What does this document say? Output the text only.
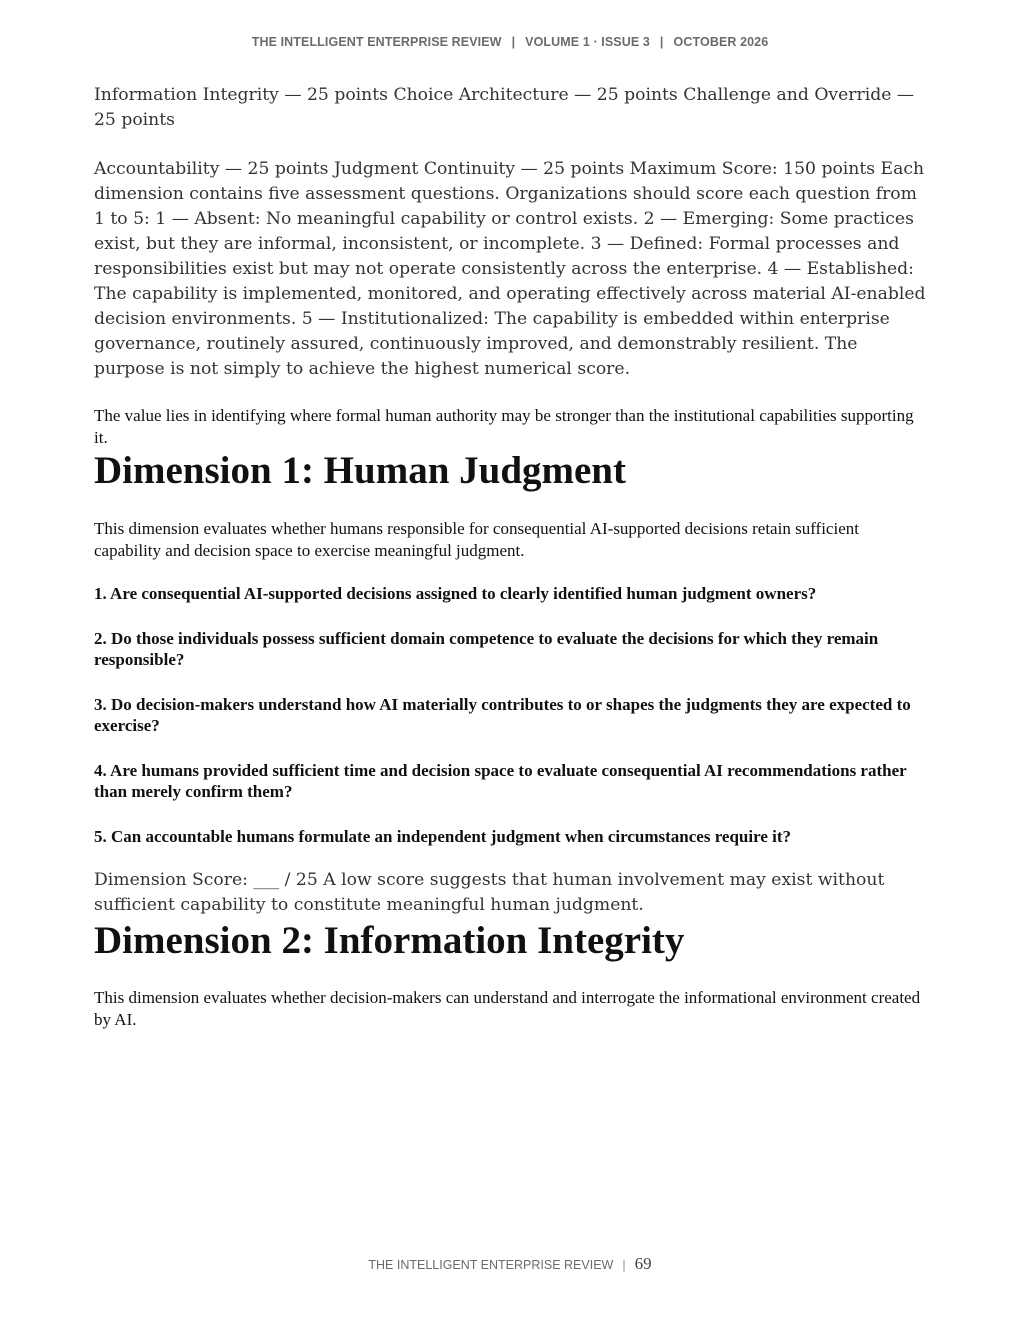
THE INTELLIGENT ENTERPRISE REVIEW | VOLUME 1 · ISSUE 3 | OCTOBER 2026

Information Integrity — 25 points Choice Architecture — 25 points Challenge and Override — 25 points

Accountability — 25 points Judgment Continuity — 25 points Maximum Score: 150 points Each dimension contains five assessment questions. Organizations should score each question from 1 to 5: 1 — Absent: No meaningful capability or control exists. 2 — Emerging: Some practices exist, but they are informal, inconsistent, or incomplete. 3 — Defined: Formal processes and responsibilities exist but may not operate consistently across the enterprise. 4 — Established: The capability is implemented, monitored, and operating effectively across material AI-enabled decision environments. 5 — Institutionalized: The capability is embedded within enterprise governance, routinely assured, continuously improved, and demonstrably resilient. The purpose is not simply to achieve the highest numerical score.

The value lies in identifying where formal human authority may be stronger than the institutional capabilities supporting it.

Dimension 1: Human Judgment

This dimension evaluates whether humans responsible for consequential AI-supported decisions retain sufficient capability and decision space to exercise meaningful judgment.

1. Are consequential AI-supported decisions assigned to clearly identified human judgment owners?

2. Do those individuals possess sufficient domain competence to evaluate the decisions for which they remain responsible?

3. Do decision-makers understand how AI materially contributes to or shapes the judgments they are expected to exercise?

4. Are humans provided sufficient time and decision space to evaluate consequential AI recommendations rather than merely confirm them?

5. Can accountable humans formulate an independent judgment when circumstances require it?

Dimension Score: ___ / 25 A low score suggests that human involvement may exist without sufficient capability to constitute meaningful human judgment.

Dimension 2: Information Integrity

This dimension evaluates whether decision-makers can understand and interrogate the informational environment created by AI.

THE INTELLIGENT ENTERPRISE REVIEW | 69
